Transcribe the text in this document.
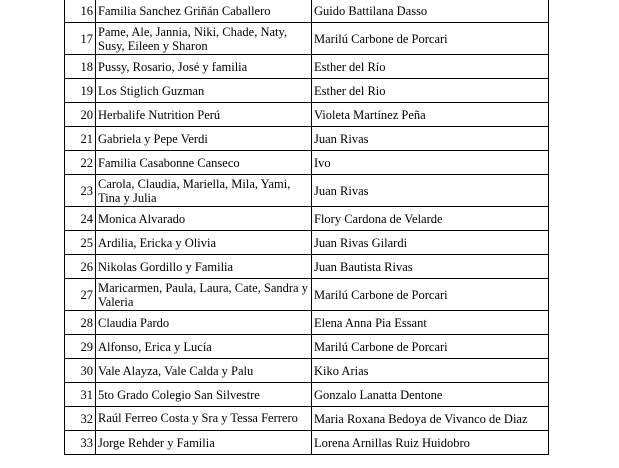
16	Familia Sanchez Griñán Caballero	Guido Battilana Dasso
17	Pame, Ale, Jannia, Niki, Chade, Naty, Susy, Eileen y Sharon	Marilú Carbone de Porcari
18	Pussy, Rosario, José y familia	Esther del Río
19	Los Stiglich Guzman	Esther del Rio
20	Herbalife Nutrition Perú	Violeta Martínez Peña
21	Gabriela y Pepe Verdi	Juan Rivas
22	Familia Casabonne Canseco	Ivo
23	Carola, Claudia, Mariella, Mila, Yami, Tina y Julia	Juan Rivas
24	Monica Alvarado	Flory Cardona de Velarde
25	Ardilia, Ericka y Olivia	Juan Rivas Gilardi
26	Nikolas Gordillo y Familia	Juan Bautista Rivas
27	Maricarmen, Paula, Laura, Cate, Sandra y Valeria	Marilú Carbone de Porcari
28	Claudia Pardo	Elena Anna Pia Essant
29	Alfonso, Erica y Lucía	Marilú Carbone de Porcari
30	Vale Alayza, Vale Calda y Palu	Kiko Arias
31	5to Grado Colegio San Silvestre	Gonzalo Lanatta Dentone
32	Raúl Ferreo Costa y Sra y Tessa Ferrero	Maria Roxana Bedoya de Vivanco de Diaz
33	Jorge Rehder y Familia	Lorena Arnillas Ruiz Huidobro
